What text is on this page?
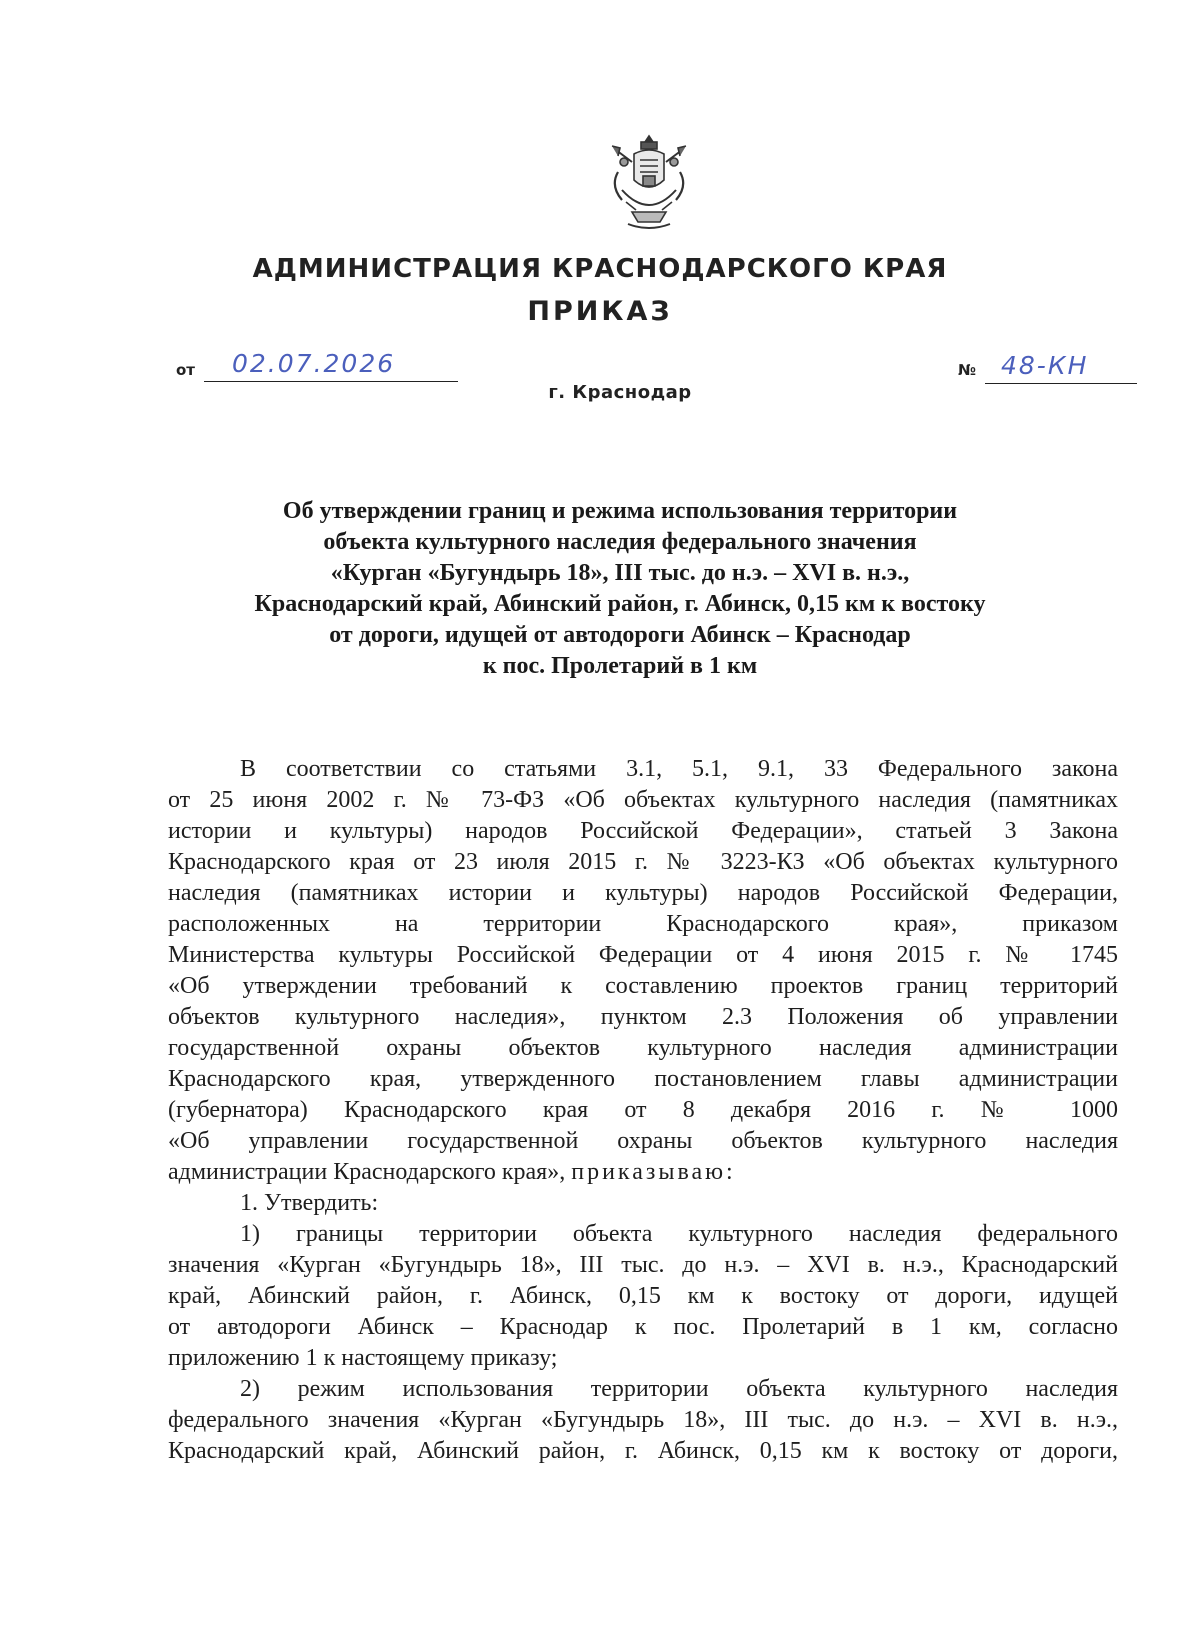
АДМИНИСТРАЦИЯ КРАСНОДАРСКОГО КРАЯ
ПРИКАЗ
от 02.07.2026	№ 48-КН
г. Краснодар
Об утверждении границ и режима использования территории
объекта культурного наследия федерального значения
«Курган «Бугундырь 18», III тыс. до н.э. – XVI в. н.э.,
Краснодарский край, Абинский район, г. Абинск, 0,15 км к востоку
от дороги, идущей от автодороги Абинск – Краснодар
к пос. Пролетарий в 1 км
В соответствии со статьями 3.1, 5.1, 9.1, 33 Федерального закона
от 25 июня 2002 г. № 73-ФЗ «Об объектах культурного наследия (памятниках
истории и культуры) народов Российской Федерации», статьей 3 Закона
Краснодарского края от 23 июля 2015 г. № 3223-КЗ «Об объектах культурного
наследия (памятниках истории и культуры) народов Российской Федерации,
расположенных на территории Краснодарского края», приказом
Министерства культуры Российской Федерации от 4 июня 2015 г. № 1745
«Об утверждении требований к составлению проектов границ территорий
объектов культурного наследия», пунктом 2.3 Положения об управлении
государственной охраны объектов культурного наследия администрации
Краснодарского края, утвержденного постановлением главы администрации
(губернатора) Краснодарского края от 8 декабря 2016 г. № 1000
«Об управлении государственной охраны объектов культурного наследия
администрации Краснодарского края», приказываю:
1. Утвердить:
1) границы территории объекта культурного наследия федерального
значения «Курган «Бугундырь 18», III тыс. до н.э. – XVI в. н.э., Краснодарский
край, Абинский район, г. Абинск, 0,15 км к востоку от дороги, идущей
от автодороги Абинск – Краснодар к пос. Пролетарий в 1 км, согласно
приложению 1 к настоящему приказу;
2) режим использования территории объекта культурного наследия
федерального значения «Курган «Бугундырь 18», III тыс. до н.э. – XVI в. н.э.,
Краснодарский край, Абинский район, г. Абинск, 0,15 км к востоку от дороги,
